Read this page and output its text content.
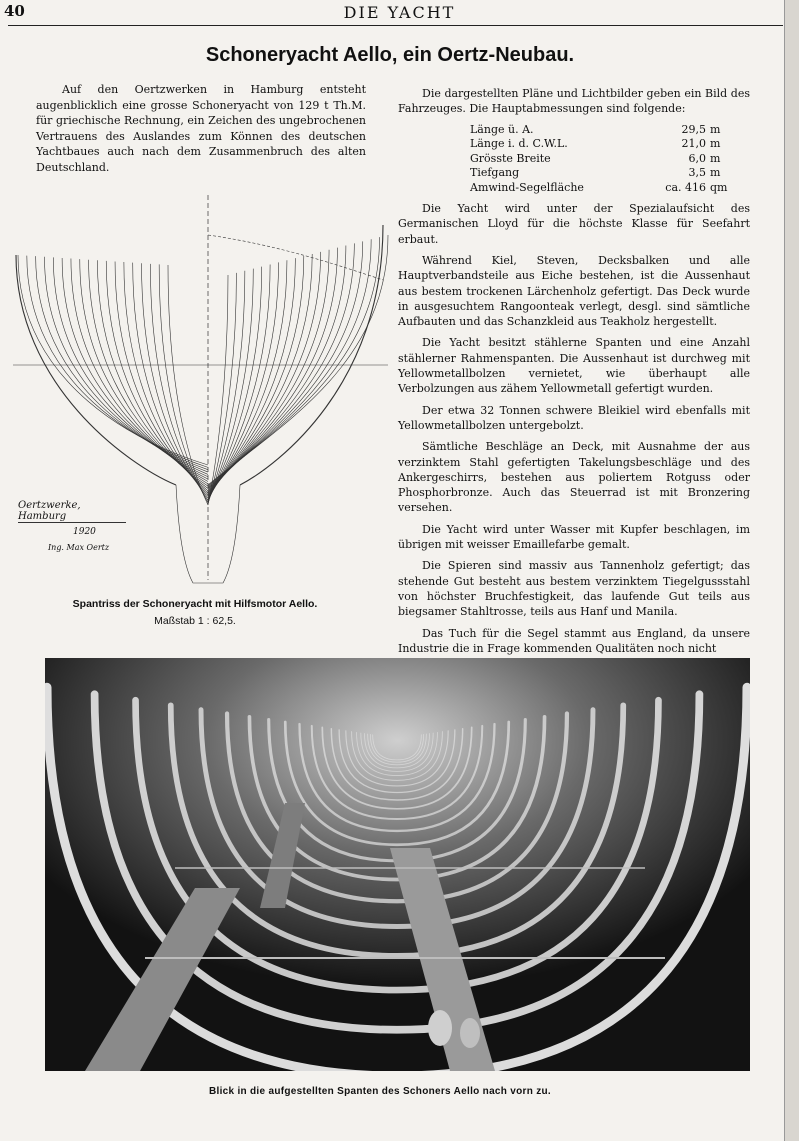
40	DIE YACHT
Schoneryacht Aello, ein Oertz-Neubau.

Auf den Oertzwerken in Hamburg entsteht augenblicklich eine grosse Schoneryacht von 129 t Th.M. für griechische Rechnung, ein Zeichen des ungebrochenen Vertrauens des Auslandes zum Können des deutschen Yachtbaues auch nach dem Zusammenbruch des alten Deutschland.

Oertzwerke, Hamburg
1920
Ing. Max Oertz
Spantriss der Schoneryacht mit Hilfsmotor Aello.
Maßstab 1 : 62,5.

Die dargestellten Pläne und Lichtbilder geben ein Bild des Fahrzeuges. Die Hauptabmessungen sind folgende:

Länge ü. A.	29,5	m
Länge i. d. C.W.L.	21,0	m
Grösste Breite	6,0	m
Tiefgang	3,5	m
Amwind-Segelfläche	ca. 416	qm

Die Yacht wird unter der Spezialaufsicht des Germanischen Lloyd für die höchste Klasse für Seefahrt erbaut.

Während Kiel, Steven, Decksbalken und alle Hauptverbandsteile aus Eiche bestehen, ist die Aussenhaut aus bestem trockenen Lärchenholz gefertigt. Das Deck wurde in ausgesuchtem Rangoonteak verlegt, desgl. sind sämtliche Aufbauten und das Schanzkleid aus Teakholz hergestellt.

Die Yacht besitzt stählerne Spanten und eine Anzahl stählerner Rahmenspanten. Die Aussenhaut ist durchweg mit Yellowmetallbolzen vernietet, wie überhaupt alle Verbolzungen aus zähem Yellowmetall gefertigt wurden.

Der etwa 32 Tonnen schwere Bleikiel wird ebenfalls mit Yellowmetallbolzen untergebolzt.

Sämtliche Beschläge an Deck, mit Ausnahme der aus verzinktem Stahl gefertigten Takelungsbeschläge und des Ankergeschirrs, bestehen aus poliertem Rotguss oder Phosphorbronze. Auch das Steuerrad ist mit Bronzering versehen.

Die Yacht wird unter Wasser mit Kupfer beschlagen, im übrigen mit weisser Emaillefarbe gemalt.

Die Spieren sind massiv aus Tannenholz gefertigt; das stehende Gut besteht aus bestem verzinktem Tiegelgussstahl von höchster Bruchfestigkeit, das laufende Gut teils aus biegsamer Stahltrosse, teils aus Hanf und Manila.

Das Tuch für die Segel stammt aus England, da unsere Industrie die in Frage kommenden Qualitäten noch nicht

Blick in die aufgestellten Spanten des Schoners Aello nach vorn zu.
